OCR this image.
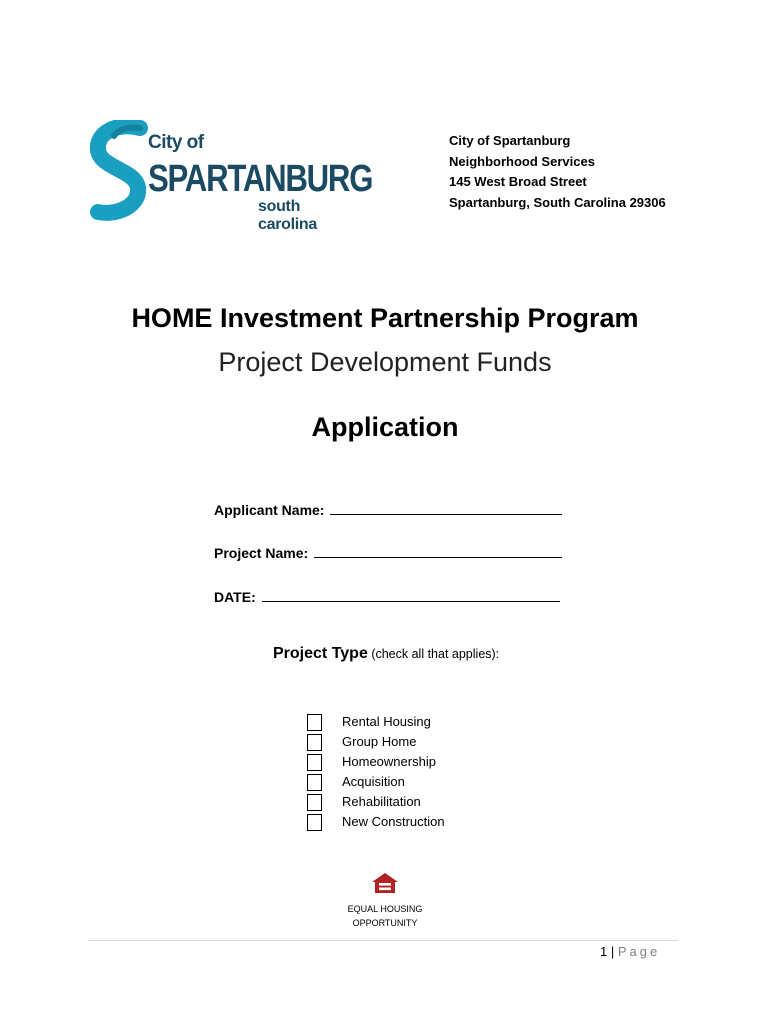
City of
SPARTANBURG
south carolina
City of Spartanburg
Neighborhood Services
145 West Broad Street
Spartanburg, South Carolina 29306
HOME Investment Partnership Program
Project Development Funds
Application
Applicant Name:
Project Name:
DATE:
Project Type (check all that applies):
Rental Housing
Group Home
Homeownership
Acquisition
Rehabilitation
New Construction
EQUAL HOUSING
OPPORTUNITY
1 | Page
